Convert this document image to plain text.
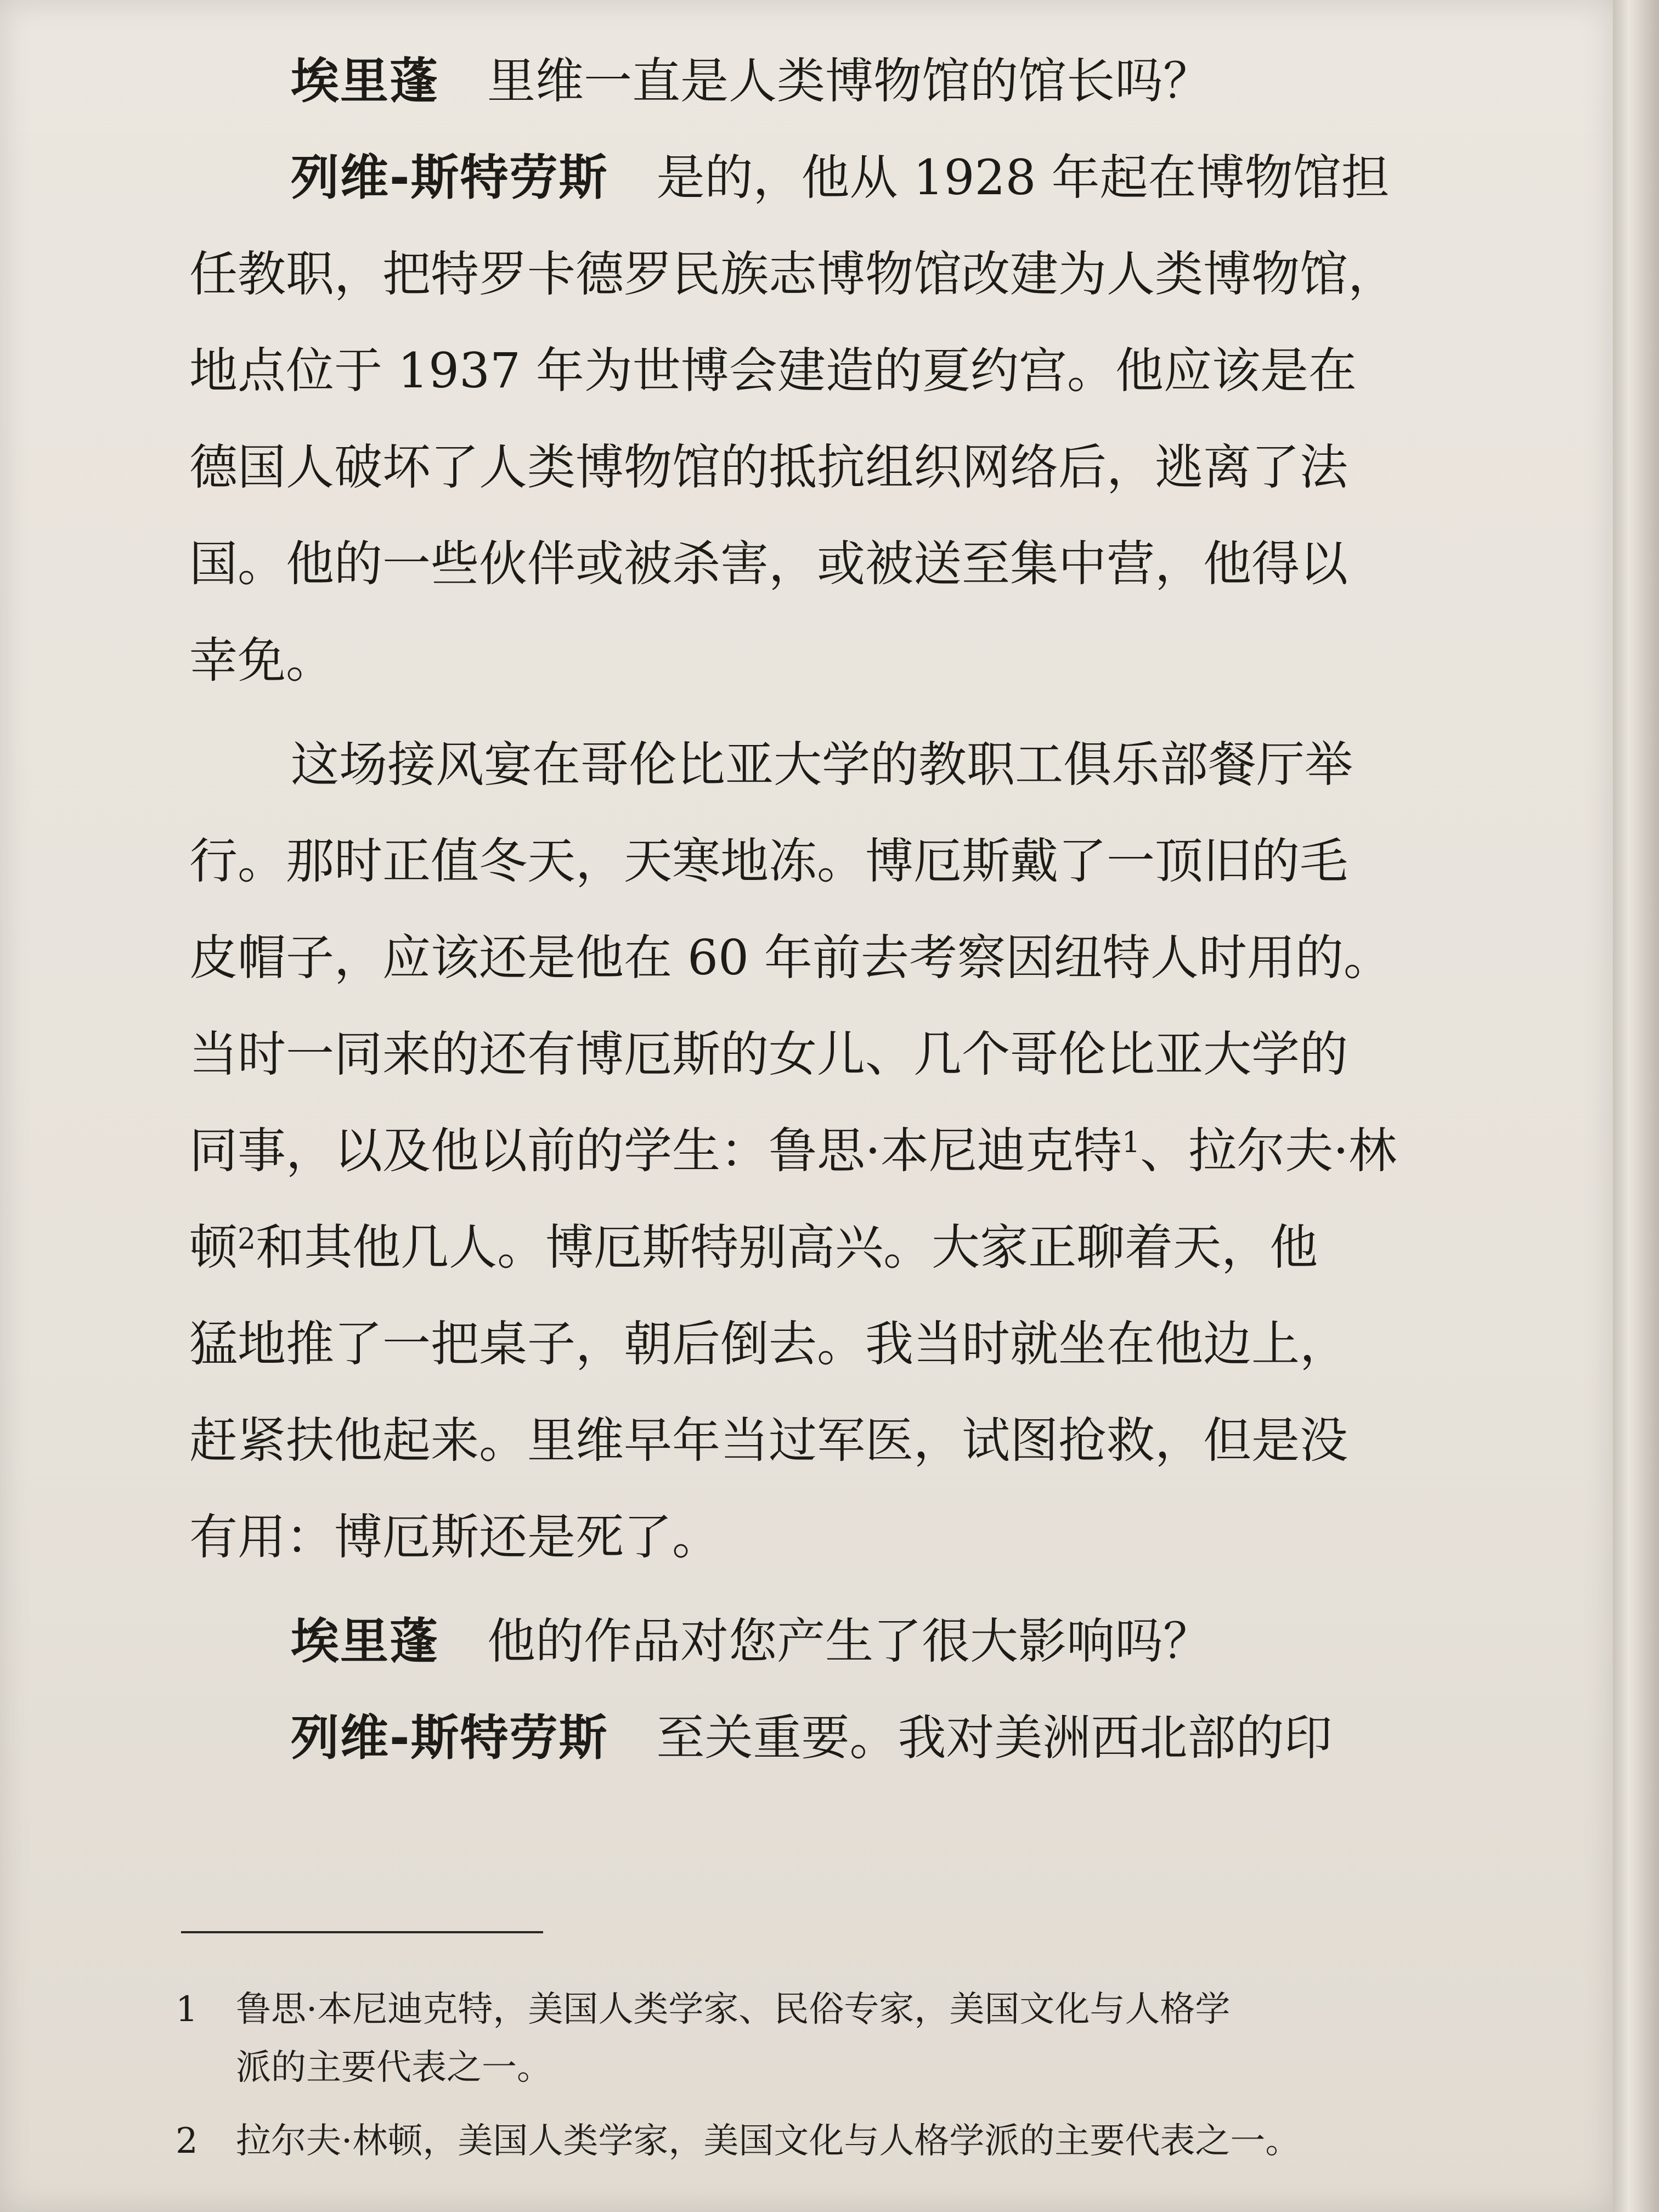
埃里蓬　 里维一直是人类博物馆的馆长吗？
列维-斯特劳斯　 是的，他从 1928 年起在博物馆担
任教职，把特罗卡德罗民族志博物馆改建为人类博物馆，
地点位于 1937 年为世博会建造的夏约宫。他应该是在
德国人破坏了人类博物馆的抵抗组织网络后，逃离了法
国。他的一些伙伴或被杀害，或被送至集中营，他得以
幸免。
这场接风宴在哥伦比亚大学的教职工俱乐部餐厅举
行。那时正值冬天，天寒地冻。博厄斯戴了一顶旧的毛
皮帽子，应该还是他在 60 年前去考察因纽特人时用的。
当时一同来的还有博厄斯的女儿、几个哥伦比亚大学的
同事，以及他以前的学生：鲁思·本尼迪克特$^1$、拉尔夫·林
顿$^2$和其他几人。博厄斯特别高兴。大家正聊着天，他
猛地推了一把桌子，朝后倒去。我当时就坐在他边上，
赶紧扶他起来。里维早年当过军医，试图抢救，但是没
有用：博厄斯还是死了。
埃里蓬　 他的作品对您产生了很大影响吗？
列维-斯特劳斯　 至关重要。我对美洲西北部的印
1	鲁思·本尼迪克特，美国人类学家、民俗专家，美国文化与人格学
派的主要代表之一。
2	拉尔夫·林顿，美国人类学家，美国文化与人格学派的主要代表之一。
